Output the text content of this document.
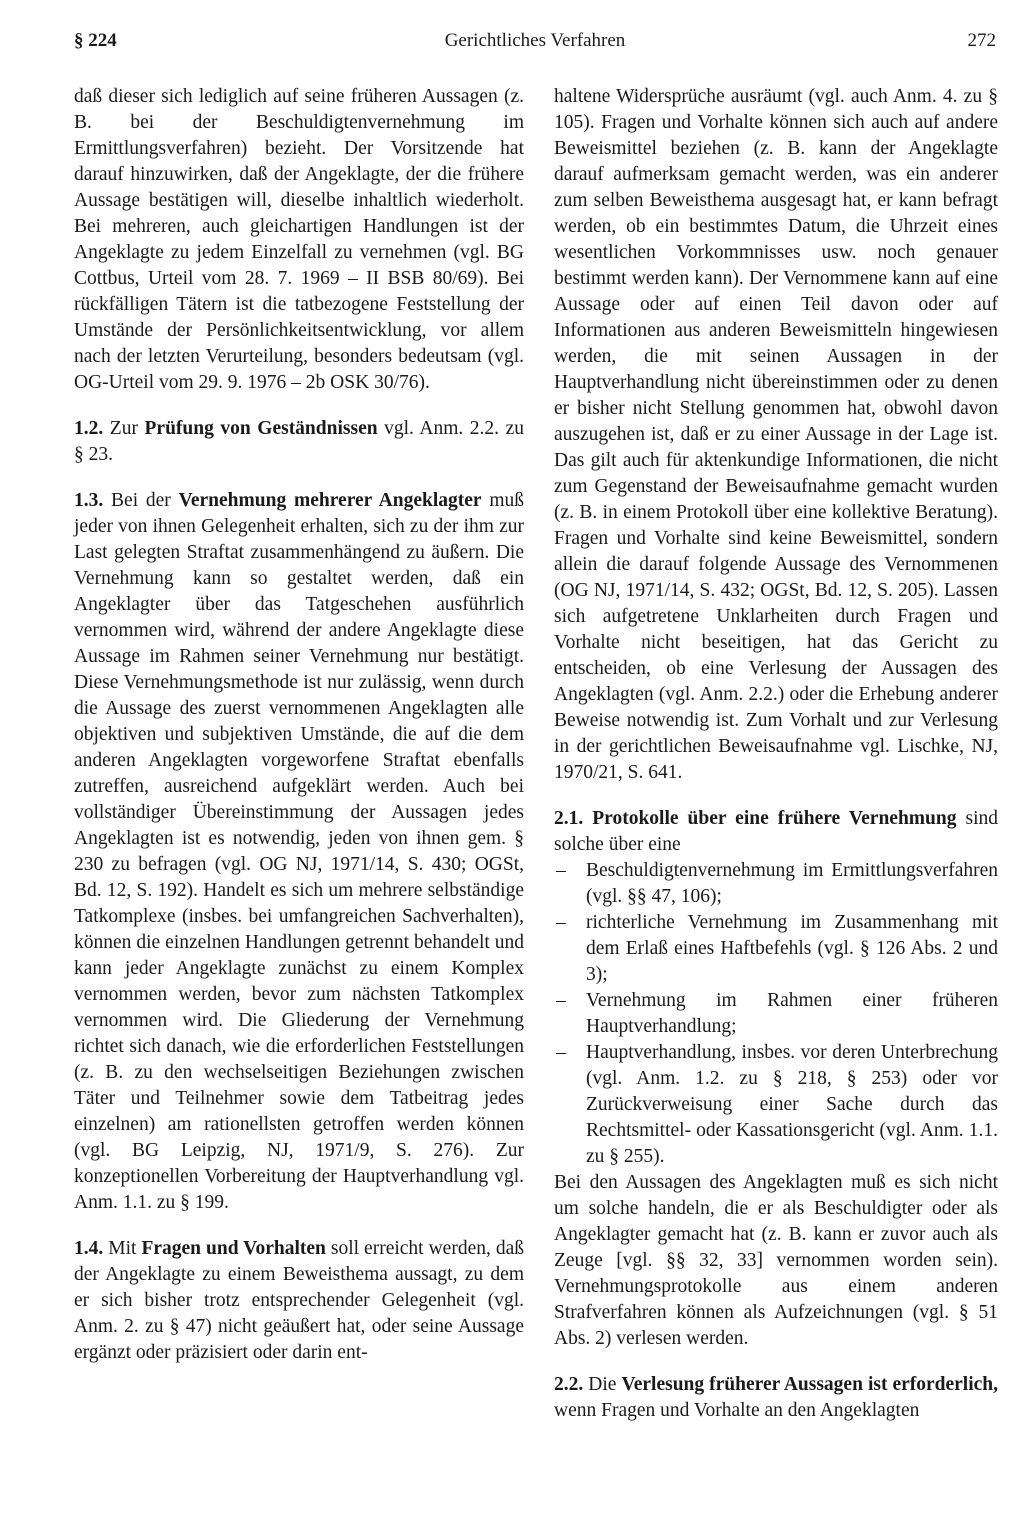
§ 224	Gerichtliches Verfahren	272

daß dieser sich lediglich auf seine früheren Aussagen (z. B. bei der Beschuldigtenvernehmung im Ermittlungsverfahren) bezieht. Der Vorsitzende hat darauf hinzuwirken, daß der Angeklagte, der die frühere Aussage bestätigen will, dieselbe inhaltlich wiederholt. Bei mehreren, auch gleichartigen Handlungen ist der Angeklagte zu jedem Einzelfall zu vernehmen (vgl. BG Cottbus, Urteil vom 28. 7. 1969 – II BSB 80/69). Bei rückfälligen Tätern ist die tatbezogene Feststellung der Umstände der Persönlichkeitsentwicklung, vor allem nach der letzten Verurteilung, besonders bedeutsam (vgl. OG-Urteil vom 29. 9. 1976 – 2b OSK 30/76).

1.2. Zur Prüfung von Geständnissen vgl. Anm. 2.2. zu § 23.

1.3. Bei der Vernehmung mehrerer Angeklagter muß jeder von ihnen Gelegenheit erhalten, sich zu der ihm zur Last gelegten Straftat zusammenhängend zu äußern. Die Vernehmung kann so gestaltet werden, daß ein Angeklagter über das Tatgeschehen ausführlich vernommen wird, während der andere Angeklagte diese Aussage im Rahmen seiner Vernehmung nur bestätigt. Diese Vernehmungsmethode ist nur zulässig, wenn durch die Aussage des zuerst vernommenen Angeklagten alle objektiven und subjektiven Umstände, die auf die dem anderen Angeklagten vorgeworfene Straftat ebenfalls zutreffen, ausreichend aufgeklärt werden. Auch bei vollständiger Übereinstimmung der Aussagen jedes Angeklagten ist es notwendig, jeden von ihnen gem. § 230 zu befragen (vgl. OG NJ, 1971/14, S. 430; OGSt, Bd. 12, S. 192). Handelt es sich um mehrere selbständige Tatkomplexe (insbes. bei umfangreichen Sachverhalten), können die einzelnen Handlungen getrennt behandelt und kann jeder Angeklagte zunächst zu einem Komplex vernommen werden, bevor zum nächsten Tatkomplex vernommen wird. Die Gliederung der Vernehmung richtet sich danach, wie die erforderlichen Feststellungen (z. B. zu den wechselseitigen Beziehungen zwischen Täter und Teilnehmer sowie dem Tatbeitrag jedes einzelnen) am rationellsten getroffen werden können (vgl. BG Leipzig, NJ, 1971/9, S. 276). Zur konzeptionellen Vorbereitung der Hauptverhandlung vgl. Anm. 1.1. zu § 199.

1.4. Mit Fragen und Vorhalten soll erreicht werden, daß der Angeklagte zu einem Beweisthema aussagt, zu dem er sich bisher trotz entsprechender Gelegenheit (vgl. Anm. 2. zu § 47) nicht geäußert hat, oder seine Aussage ergänzt oder präzisiert oder darin ent-

haltene Widersprüche ausräumt (vgl. auch Anm. 4. zu § 105). Fragen und Vorhalte können sich auch auf andere Beweismittel beziehen (z. B. kann der Angeklagte darauf aufmerksam gemacht werden, was ein anderer zum selben Beweisthema ausgesagt hat, er kann befragt werden, ob ein bestimmtes Datum, die Uhrzeit eines wesentlichen Vorkommnisses usw. noch genauer bestimmt werden kann). Der Vernommene kann auf eine Aussage oder auf einen Teil davon oder auf Informationen aus anderen Beweismitteln hingewiesen werden, die mit seinen Aussagen in der Hauptverhandlung nicht übereinstimmen oder zu denen er bisher nicht Stellung genommen hat, obwohl davon auszugehen ist, daß er zu einer Aussage in der Lage ist. Das gilt auch für aktenkundige Informationen, die nicht zum Gegenstand der Beweisaufnahme gemacht wurden (z. B. in einem Protokoll über eine kollektive Beratung). Fragen und Vorhalte sind keine Beweismittel, sondern allein die darauf folgende Aussage des Vernommenen (OG NJ, 1971/14, S. 432; OGSt, Bd. 12, S. 205). Lassen sich aufgetretene Unklarheiten durch Fragen und Vorhalte nicht beseitigen, hat das Gericht zu entscheiden, ob eine Verlesung der Aussagen des Angeklagten (vgl. Anm. 2.2.) oder die Erhebung anderer Beweise notwendig ist. Zum Vorhalt und zur Verlesung in der gerichtlichen Beweisaufnahme vgl. Lischke, NJ, 1970/21, S. 641.

2.1. Protokolle über eine frühere Vernehmung sind solche über eine

– Beschuldigtenvernehmung im Ermittlungsverfahren (vgl. §§ 47, 106);
– richterliche Vernehmung im Zusammenhang mit dem Erlaß eines Haftbefehls (vgl. § 126 Abs. 2 und 3);
– Vernehmung im Rahmen einer früheren Hauptverhandlung;
– Hauptverhandlung, insbes. vor deren Unterbrechung (vgl. Anm. 1.2. zu § 218, § 253) oder vor Zurückverweisung einer Sache durch das Rechtsmittel- oder Kassationsgericht (vgl. Anm. 1.1. zu § 255).

Bei den Aussagen des Angeklagten muß es sich nicht um solche handeln, die er als Beschuldigter oder als Angeklagter gemacht hat (z. B. kann er zuvor auch als Zeuge [vgl. §§ 32, 33] vernommen worden sein). Vernehmungsprotokolle aus einem anderen Strafverfahren können als Aufzeichnungen (vgl. § 51 Abs. 2) verlesen werden.

2.2. Die Verlesung früherer Aussagen ist erforderlich, wenn Fragen und Vorhalte an den Angeklagten
